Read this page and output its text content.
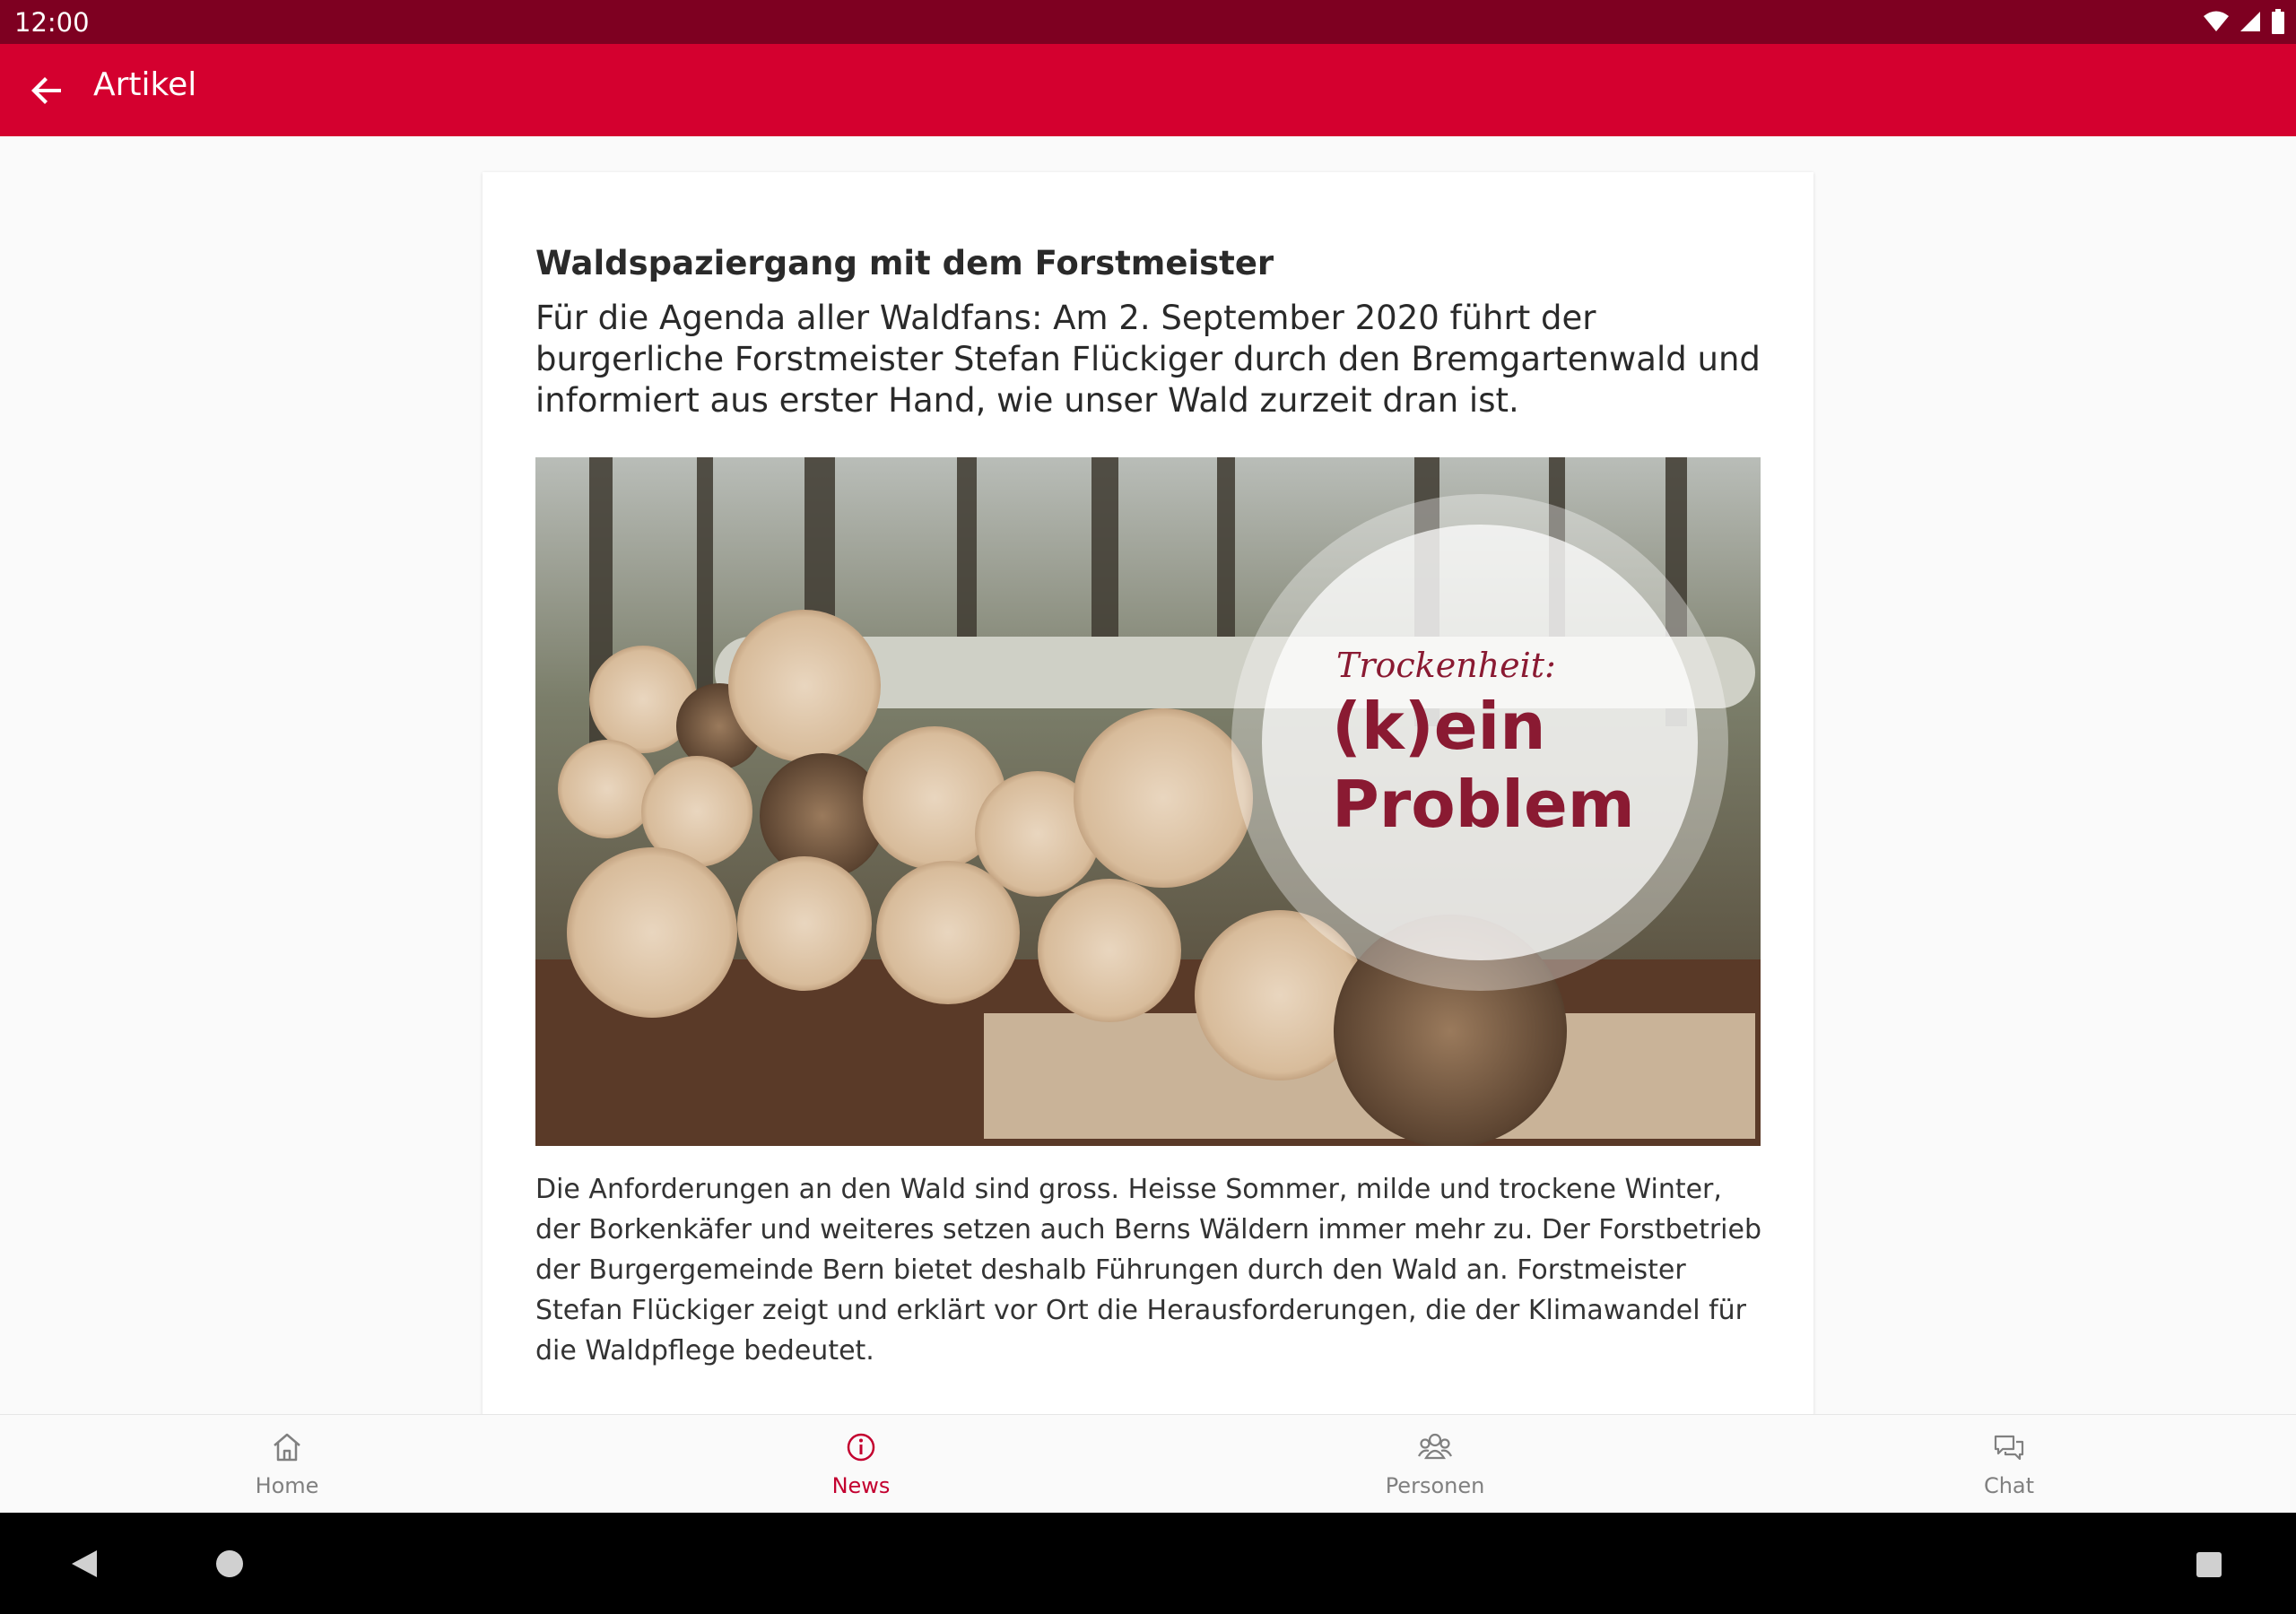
12:00
Artikel
Waldspaziergang mit dem Forstmeister
Für die Agenda aller Waldfans: Am 2. September 2020 führt der burgerliche Forstmeister Stefan Flückiger durch den Bremgartenwald und informiert aus erster Hand, wie unser Wald zurzeit dran ist.
Trockenheit:
(k)ein
Problem
Die Anforderungen an den Wald sind gross. Heisse Sommer, milde und trockene Winter, der Borkenkäfer und weiteres setzen auch Berns Wäldern immer mehr zu. Der Forstbetrieb der Burgergemeinde Bern bietet deshalb Führungen durch den Wald an. Forstmeister Stefan Flückiger zeigt und erklärt vor Ort die Herausforderungen, die der Klimawandel für die Waldpflege bedeutet.
Home	News	Personen	Chat
